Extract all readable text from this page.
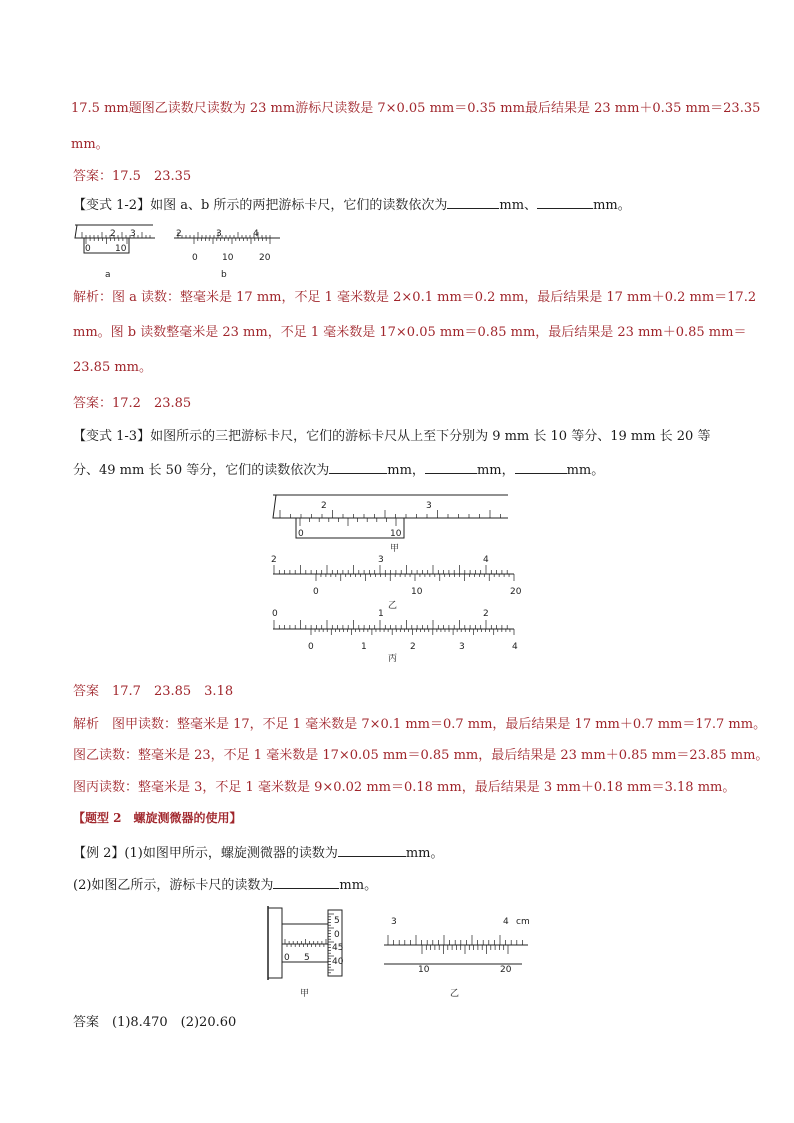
17.5 mm题图乙读数尺读数为 23 mm游标尺读数是 7×0.05 mm＝0.35 mm最后结果是 23 mm＋0.35 mm＝23.35
mm。
答案：17.5　23.35
【变式 1-2】如图 a、b 所示的两把游标卡尺，它们的读数依次为	mm、	mm。
2 3
0	10
a
2	3	4
0	10	20
b
解析：图 a 读数：整毫米是 17 mm，不足 1 毫米数是 2×0.1 mm＝0.2 mm，最后结果是 17 mm＋0.2 mm＝17.2
mm。图 b 读数整毫米是 23 mm，不足 1 毫米数是 17×0.05 mm＝0.85 mm，最后结果是 23 mm＋0.85 mm＝
23.85 mm。
答案：17.2　23.85
【变式 1-3】如图所示的三把游标卡尺，它们的游标卡尺从上至下分别为 9 mm 长 10 等分、19 mm 长 20 等
分、49 mm 长 50 等分，它们的读数依次为	mm，	mm，	mm。
2	3
0	10
甲
2	3	4
0	10	20
乙
0	1	2
0	1	2	3	4
丙
答案　17.7　23.85　3.18
解析　图甲读数：整毫米是 17，不足 1 毫米数是 7×0.1 mm＝0.7 mm，最后结果是 17 mm＋0.7 mm＝17.7 mm。
图乙读数：整毫米是 23，不足 1 毫米数是 17×0.05 mm＝0.85 mm，最后结果是 23 mm＋0.85 mm＝23.85 mm。
图丙读数：整毫米是 3，不足 1 毫米数是 9×0.02 mm＝0.18 mm，最后结果是 3 mm＋0.18 mm＝3.18 mm。
【题型 2　螺旋测微器的使用】
【例 2】(1)如图甲所示，螺旋测微器的读数为	mm。
(2)如图乙所示，游标卡尺的读数为	mm。
0 5
5
0
45
40
甲
3	4 cm
10	20
乙
答案　(1)8.470　(2)20.60
